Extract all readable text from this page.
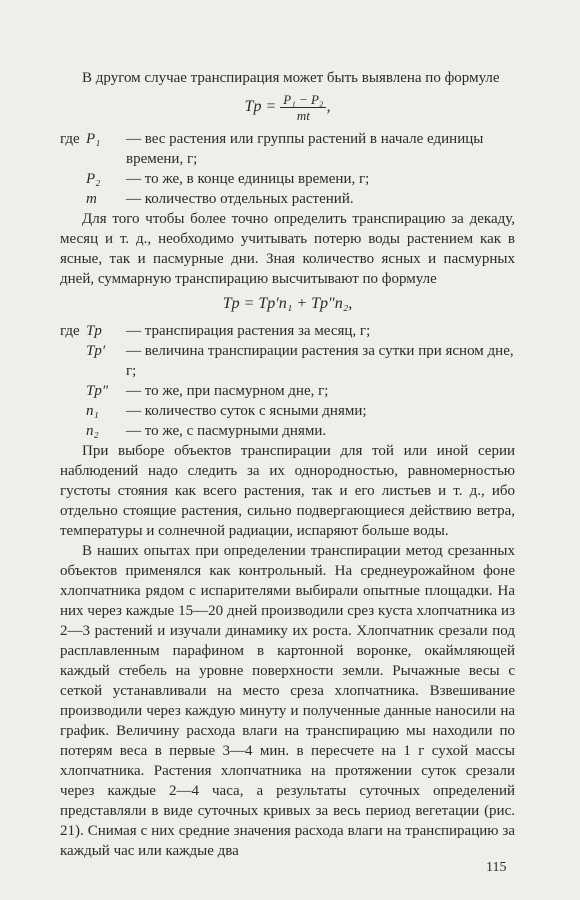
В другом случае транспирация может быть выявлена по формуле

$Tp = \frac{\text{P₁ − P₂}}{mt}$ ,
где P₁	— вес растения или группы растений в начале единицы времени, г;
P₂	— то же, в конце единицы времени, г;
m	— количество отдельных растений.

Для того чтобы более точно определить транспирацию за декаду, месяц и т. д., необходимо учитывать потерю воды растением как в ясные, так и пасмурные дни. Зная количество ясных и пасмурных дней, суммарную транспирацию высчитывают по формуле

Tp = Tp′n₁ + Tp″n₂,
где Tp	— транспирация растения за месяц, г;
Tp′	— величина транспирации растения за сутки при ясном дне, г;
Tp″	— то же, при пасмурном дне, г;
n₁	— количество суток с ясными днями;
n₂	— то же, с пасмурными днями.

При выборе объектов транспирации для той или иной серии наблюдений надо следить за их однородностью, равномерностью густоты стояния как всего растения, так и его листьев и т. д., ибо отдельно стоящие растения, сильно подвергающиеся действию ветра, температуры и солнечной радиации, испаряют больше воды.

В наших опытах при определении транспирации метод срезанных объектов применялся как контрольный. На среднеурожайном фоне хлопчатника рядом с испарителями выбирали опытные площадки. На них через каждые 15—20 дней производили срез куста хлопчатника из 2—3 растений и изучали динамику их роста. Хлопчатник срезали под расплавленным парафином в картонной воронке, окаймляющей каждый стебель на уровне поверхности земли. Рычажные весы с сеткой устанавливали на место среза хлопчатника. Взвешивание производили через каждую минуту и полученные данные наносили на график. Величину расхода влаги на транспирацию мы находили по потерям веса в первые 3—4 мин. в пересчете на 1 г сухой массы хлопчатника. Растения хлопчатника на протяжении суток срезали через каждые 2—4 часа, а результаты суточных определений представляли в виде суточных кривых за весь период вегетации (рис. 21). Снимая с них средние значения расхода влаги на транспирацию за каждый час или каждые два

115
